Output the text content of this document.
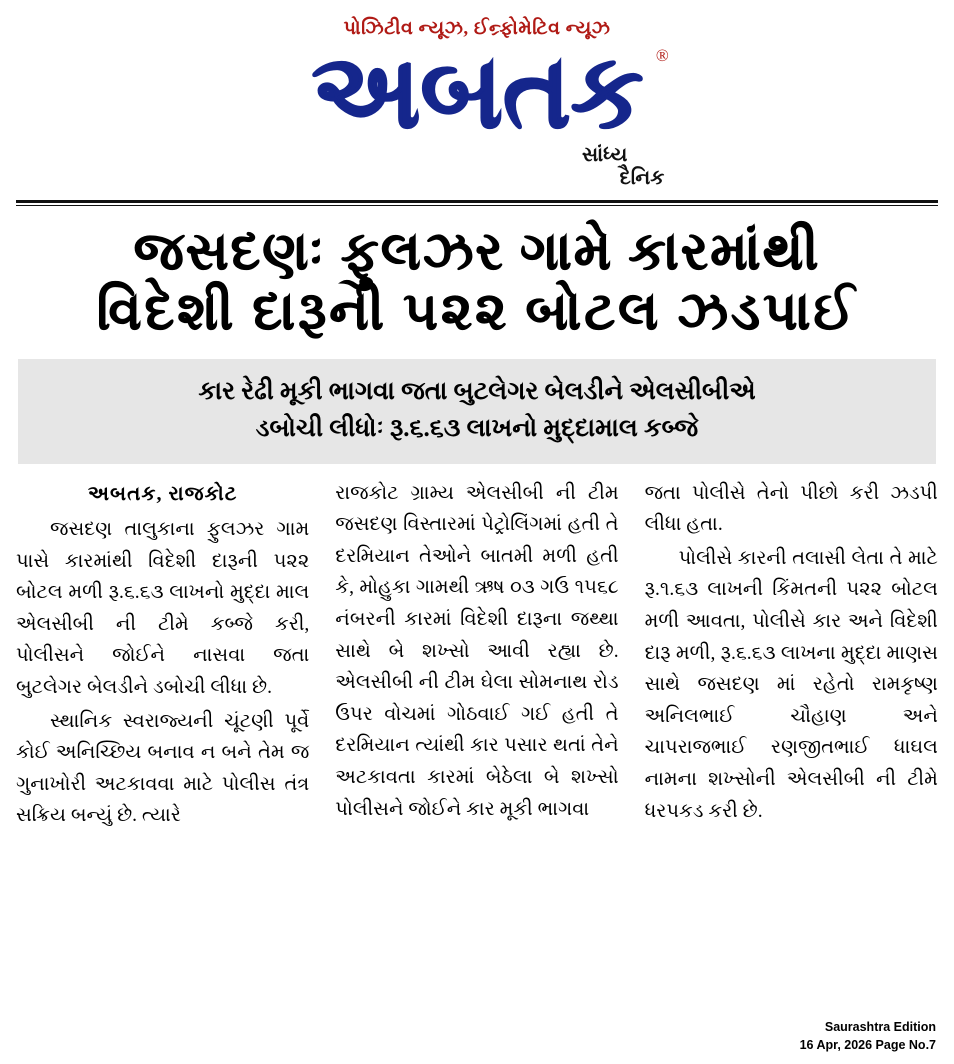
પોઝિટીવ ન્યૂઝ, ઈન્ર્ફોમેટિવ ન્યૂઝ
અબતક ®
સાંધ્ય દૈનિક
જસદણઃ ફુલઝર ગામે કારમાંથી
વિદેશી દારૂની ૫૨૨ બોટલ ઝડપાઈ
કાર રેઢી મૂકી ભાગવા જતા બુટલેગર બેલડીને એલસીબીએ
ડબોચી લીધોઃ રૂ.૬.૬૩ લાખનો મુદ્દામાલ કબ્જે
અબતક, રાજકોટ

જસદણ તાલુકાના ફુલઝર ગામ પાસે કારમાંથી વિદેશી દારૂની ૫૨૨ બોટલ મળી રૂ.૬.૬૩ લાખનો મુદ્દા માલ એલસીબી ની ટીમે કબ્જે કરી, પોલીસને જોઈને નાસવા જતા બુટલેગર બેલડીને ડબોચી લીધા છે.

સ્થાનિક સ્વરાજ્યની ચૂંટણી પૂર્વે કોઈ અનિચ્છિય બનાવ ન બને તેમ જ ગુનાખોરી અટકાવવા માટે પોલીસ તંત્ર સક્રિય બન્યું છે. ત્યારે

રાજકોટ ગ્રામ્ય એલસીબી ની ટીમ જસદણ વિસ્તારમાં પેટ્રોલિંગમાં હતી તે દરમિયાન તેઓને બાતમી મળી હતી કે, મોહુકા ગામથી ઋષ ૦૩ ગઉ ૧૫૬૮ નંબરની કારમાં વિદેશી દારૂના જથ્થા સાથે બે શખ્સો આવી રહ્યા છે. એલસીબી ની ટીમ ઘેલા સોમનાથ રોડ ઉપર વોચમાં ગોઠવાઈ ગઈ હતી તે દરમિયાન ત્યાંથી કાર પસાર થતાં તેને અટકાવતા કારમાં બેઠેલા બે શખ્સો પોલીસને જોઈને કાર મૂકી ભાગવા

જતા પોલીસે તેનો પીછો કરી ઝડપી લીધા હતા.

પોલીસે કારની તલાસી લેતા તે માટે રૂ.૧.૬૩ લાખની કિંમતની ૫૨૨ બોટલ મળી આવતા, પોલીસે કાર અને વિદેશી દારૂ મળી, રૂ.૬.૬૩ લાખના મુદ્દા માણસ સાથે જસદણ માં રહેતો રામકૃષ્ણ અનિલભાઈ ચૌહાણ અને ચાપરાજભાઈ રણજીતભાઈ ધાઘલ નામના શખ્સોની એલસીબી ની ટીમે ધરપકડ કરી છે.

Saurashtra Edition
16 Apr, 2026 Page No.7
